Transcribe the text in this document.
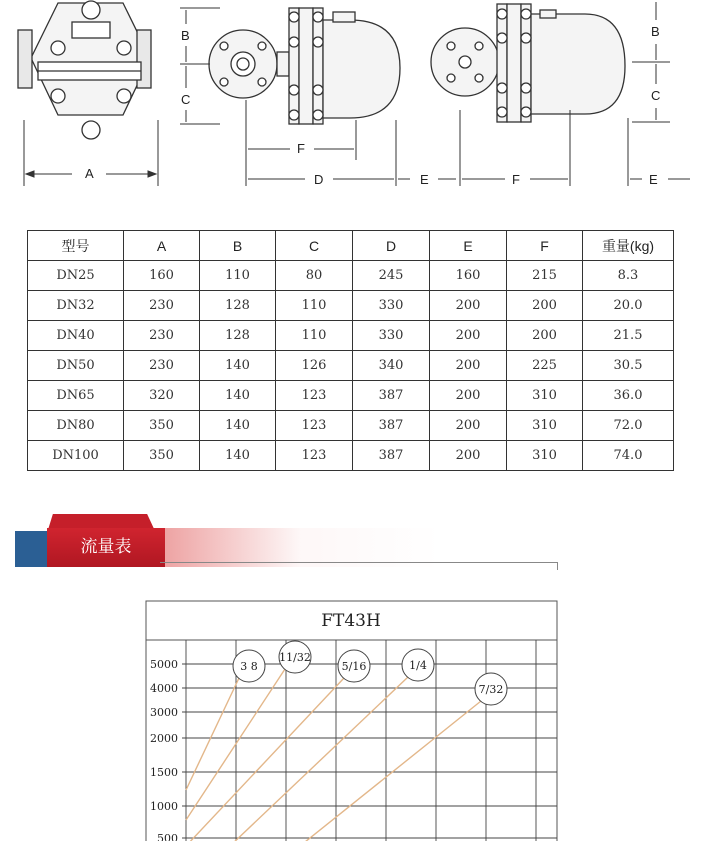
A
B
C
F
D	E
B
C
F	E
型号	A	B	C	D	E	F	重量(kg)
DN25	160	110	80	245	160	215	8.3
DN32	230	128	110	330	200	200	20.0
DN40	230	128	110	330	200	200	21.5
DN50	230	140	126	340	200	225	30.5
DN65	320	140	123	387	200	310	36.0
DN80	350	140	123	387	200	310	72.0
DN100	350	140	123	387	200	310	74.0
流量表
FT43H
5000
4000
3000
2000
1500
1000
500
3 8
11/32
5/16	1/4
7/32
